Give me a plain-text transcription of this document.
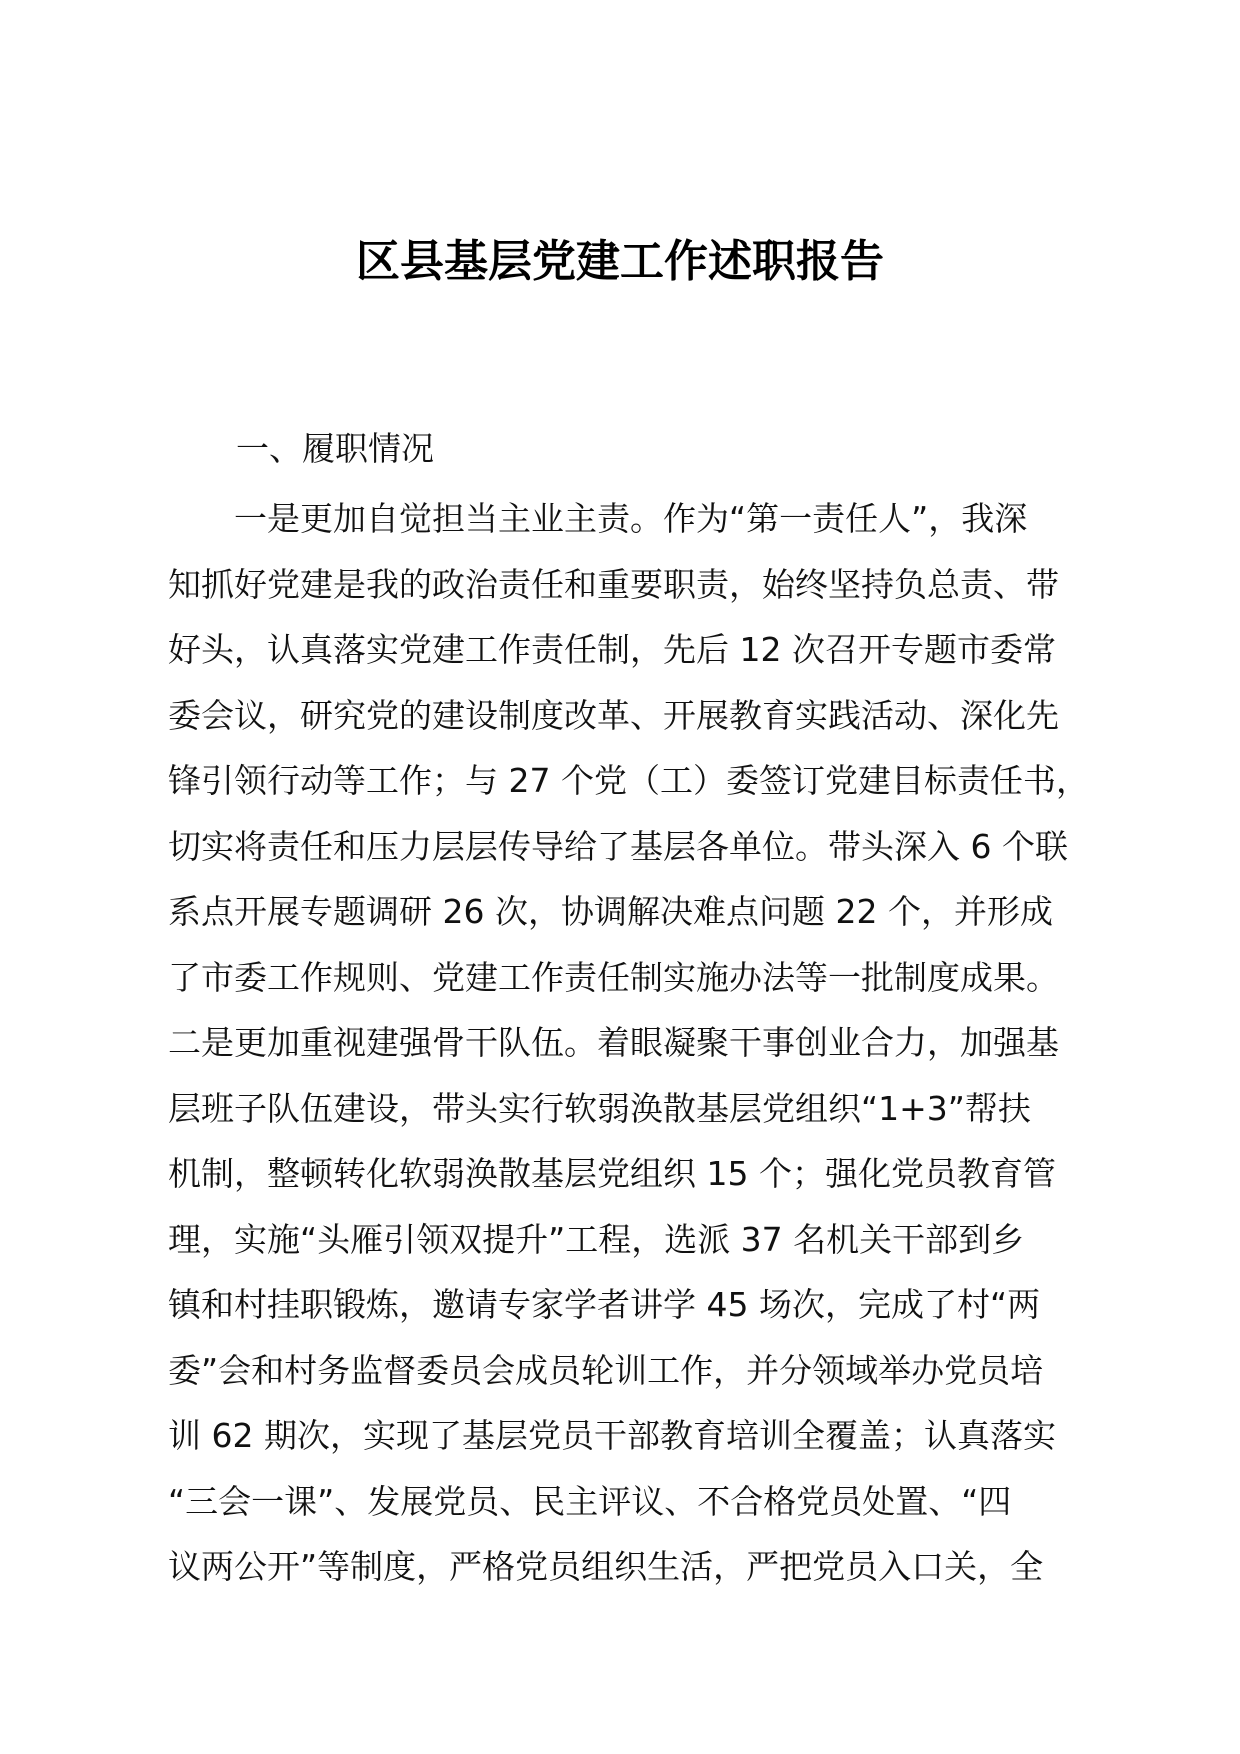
区县基层党建工作述职报告
一、履职情况
　　一是更加自觉担当主业主责。作为“第一责任人”，我深
知抓好党建是我的政治责任和重要职责，始终坚持负总责、带
好头，认真落实党建工作责任制，先后 12 次召开专题市委常
委会议，研究党的建设制度改革、开展教育实践活动、深化先
锋引领行动等工作；与 27 个党（工）委签订党建目标责任书，
切实将责任和压力层层传导给了基层各单位。带头深入 6 个联
系点开展专题调研 26 次，协调解决难点问题 22 个，并形成
了市委工作规则、党建工作责任制实施办法等一批制度成果。
二是更加重视建强骨干队伍。着眼凝聚干事创业合力，加强基
层班子队伍建设，带头实行软弱涣散基层党组织“1+3”帮扶
机制，整顿转化软弱涣散基层党组织 15 个；强化党员教育管
理，实施“头雁引领双提升”工程，选派 37 名机关干部到乡
镇和村挂职锻炼，邀请专家学者讲学 45 场次，完成了村“两
委”会和村务监督委员会成员轮训工作，并分领域举办党员培
训 62 期次，实现了基层党员干部教育培训全覆盖；认真落实
“三会一课”、发展党员、民主评议、不合格党员处置、“四
议两公开”等制度，严格党员组织生活，严把党员入口关，全
